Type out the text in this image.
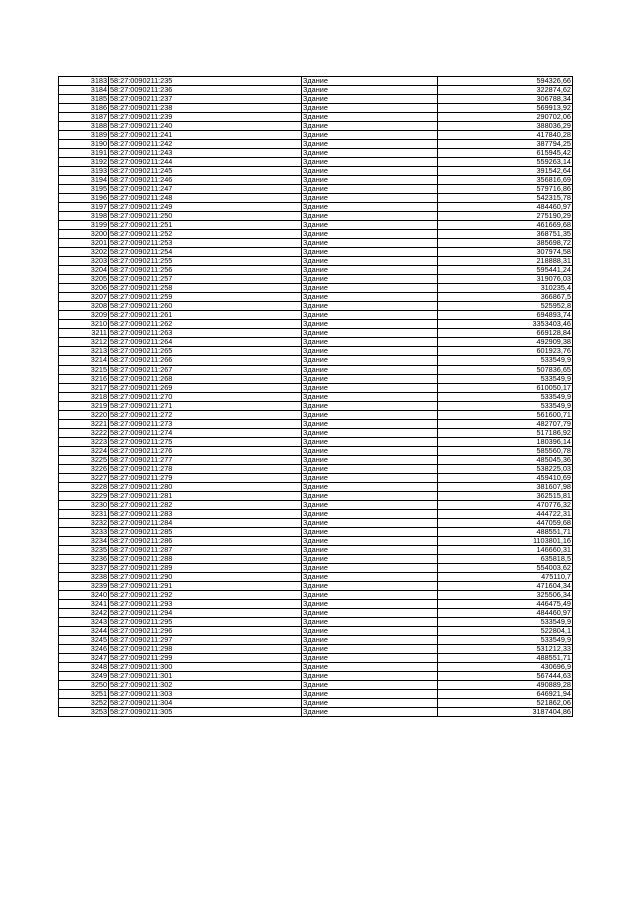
3183	58:27:0090211:235	Здание	594326,66
3184	58:27:0090211:236	Здание	322874,62
3185	58:27:0090211:237	Здание	306788,34
3186	58:27:0090211:238	Здание	569913,92
3187	58:27:0090211:239	Здание	290702,06
3188	58:27:0090211:240	Здание	388036,29
3189	58:27:0090211:241	Здание	417840,28
3190	58:27:0090211:242	Здание	387794,25
3191	58:27:0090211:243	Здание	615945,42
3192	58:27:0090211:244	Здание	559263,14
3193	58:27:0090211:245	Здание	391542,64
3194	58:27:0090211:246	Здание	356816,69
3195	58:27:0090211:247	Здание	579716,86
3196	58:27:0090211:248	Здание	542315,78
3197	58:27:0090211:249	Здание	484460,97
3198	58:27:0090211:250	Здание	275190,29
3199	58:27:0090211:251	Здание	461669,68
3200	58:27:0090211:252	Здание	368751,35
3201	58:27:0090211:253	Здание	385698,72
3202	58:27:0090211:254	Здание	307974,58
3203	58:27:0090211:255	Здание	218888,31
3204	58:27:0090211:256	Здание	595441,24
3205	58:27:0090211:257	Здание	319076,03
3206	58:27:0090211:258	Здание	310235,4
3207	58:27:0090211:259	Здание	366867,5
3208	58:27:0090211:260	Здание	525952,8
3209	58:27:0090211:261	Здание	694893,74
3210	58:27:0090211:262	Здание	3353403,46
3211	58:27:0090211:263	Здание	669128,84
3212	58:27:0090211:264	Здание	492909,38
3213	58:27:0090211:265	Здание	601923,76
3214	58:27:0090211:266	Здание	533549,9
3215	58:27:0090211:267	Здание	507836,65
3216	58:27:0090211:268	Здание	533549,9
3217	58:27:0090211:269	Здание	610050,17
3218	58:27:0090211:270	Здание	533549,9
3219	58:27:0090211:271	Здание	533549,9
3220	58:27:0090211:272	Здание	561600,71
3221	58:27:0090211:273	Здание	482707,79
3222	58:27:0090211:274	Здание	517186,92
3223	58:27:0090211:275	Здание	180396,14
3224	58:27:0090211:276	Здание	585560,78
3225	58:27:0090211:277	Здание	485045,36
3226	58:27:0090211:278	Здание	538225,03
3227	58:27:0090211:279	Здание	459410,69
3228	58:27:0090211:280	Здание	381607,98
3229	58:27:0090211:281	Здание	362515,81
3230	58:27:0090211:282	Здание	470776,32
3231	58:27:0090211:283	Здание	444722,31
3232	58:27:0090211:284	Здание	447059,68
3233	58:27:0090211:285	Здание	488551,71
3234	58:27:0090211:286	Здание	1103801,16
3235	58:27:0090211:287	Здание	146660,31
3236	58:27:0090211:288	Здание	635818,5
3237	58:27:0090211:289	Здание	554003,62
3238	58:27:0090211:290	Здание	475110,7
3239	58:27:0090211:291	Здание	471604,34
3240	58:27:0090211:292	Здание	325506,34
3241	58:27:0090211:293	Здание	446475,49
3242	58:27:0090211:294	Здание	484460,97
3243	58:27:0090211:295	Здание	533549,9
3244	58:27:0090211:296	Здание	522804,1
3245	58:27:0090211:297	Здание	533549,9
3246	58:27:0090211:298	Здание	531212,33
3247	58:27:0090211:299	Здание	488551,71
3248	58:27:0090211:300	Здание	430696,9
3249	58:27:0090211:301	Здание	567444,63
3250	58:27:0090211:302	Здание	490889,28
3251	58:27:0090211:303	Здание	646921,94
3252	58:27:0090211:304	Здание	521862,06
3253	58:27:0090211:305	Здание	3187404,86
